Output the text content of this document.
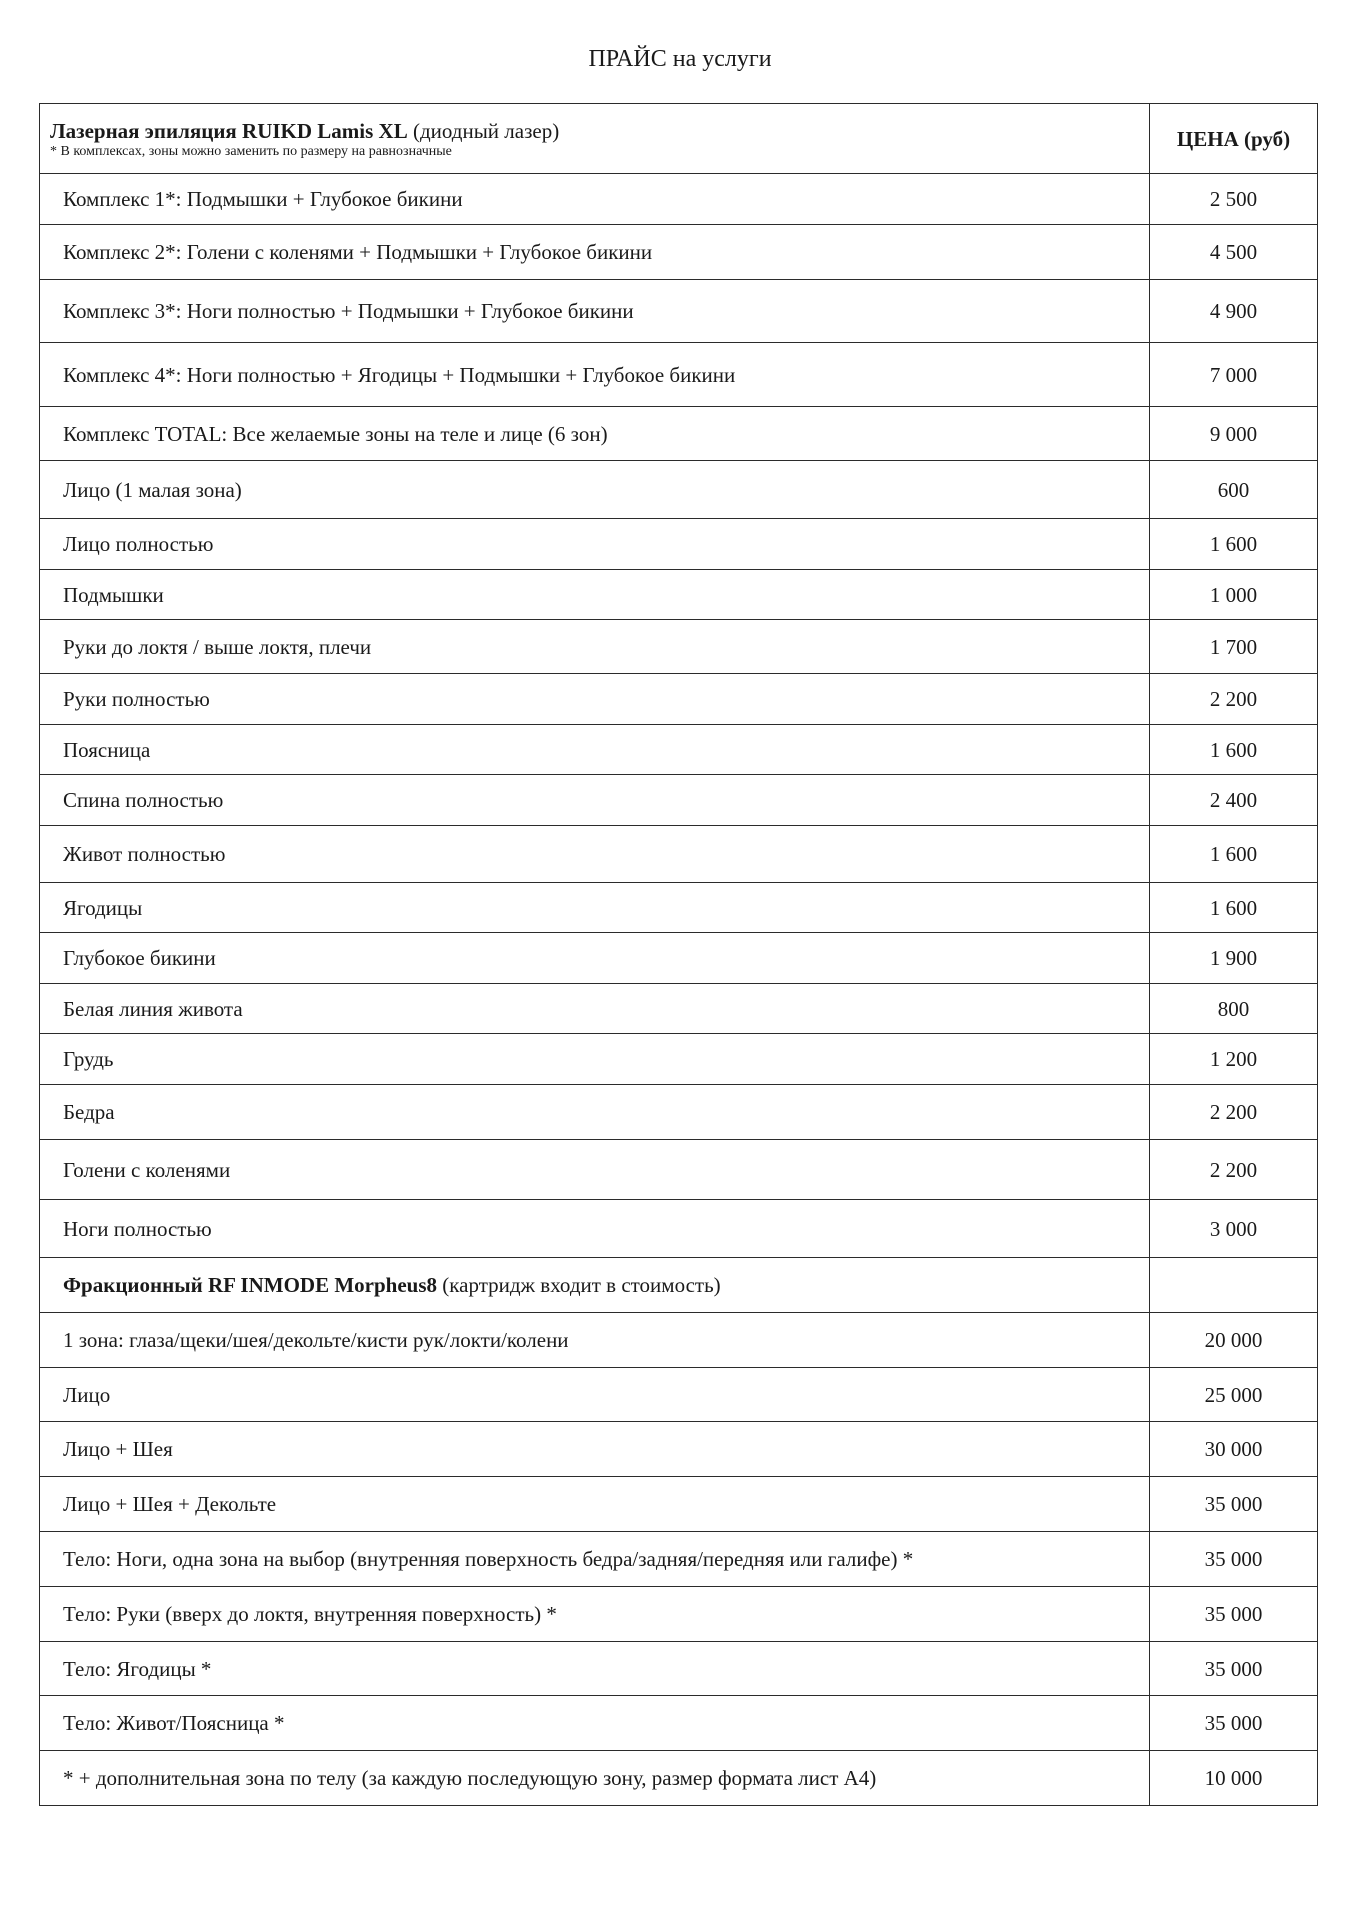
ПРАЙС на услуги
Лазерная эпиляция RUIKD Lamis XL (диодный лазер)
* В комплексах, зоны можно заменить по размеру на равнозначные	ЦЕНА (руб)
Комплекс 1*: Подмышки + Глубокое бикини	2 500
Комплекс 2*: Голени с коленями + Подмышки + Глубокое бикини	4 500
Комплекс 3*: Ноги полностью + Подмышки + Глубокое бикини	4 900
Комплекс 4*: Ноги полностью + Ягодицы + Подмышки + Глубокое бикини	7 000
Комплекс TOTAL: Все желаемые зоны на теле и лице (6 зон)	9 000
Лицо (1 малая зона)	600
Лицо полностью	1 600
Подмышки	1 000
Руки до локтя / выше локтя, плечи	1 700
Руки полностью	2 200
Поясница	1 600
Спина полностью	2 400
Живот полностью	1 600
Ягодицы	1 600
Глубокое бикини	1 900
Белая линия живота	800
Грудь	1 200
Бедра	2 200
Голени с коленями	2 200
Ноги полностью	3 000
Фракционный RF INMODE Morpheus8 (картридж входит в стоимость)	
1 зона: глаза/щеки/шея/декольте/кисти рук/локти/колени	20 000
Лицо	25 000
Лицо + Шея	30 000
Лицо + Шея + Декольте	35 000
Тело: Ноги, одна зона на выбор (внутренняя поверхность бедра/задняя/передняя или галифе) *	35 000
Тело: Руки (вверх до локтя, внутренняя поверхность) *	35 000
Тело: Ягодицы *	35 000
Тело: Живот/Поясница *	35 000
* + дополнительная зона по телу (за каждую последующую зону, размер формата лист А4)	10 000
